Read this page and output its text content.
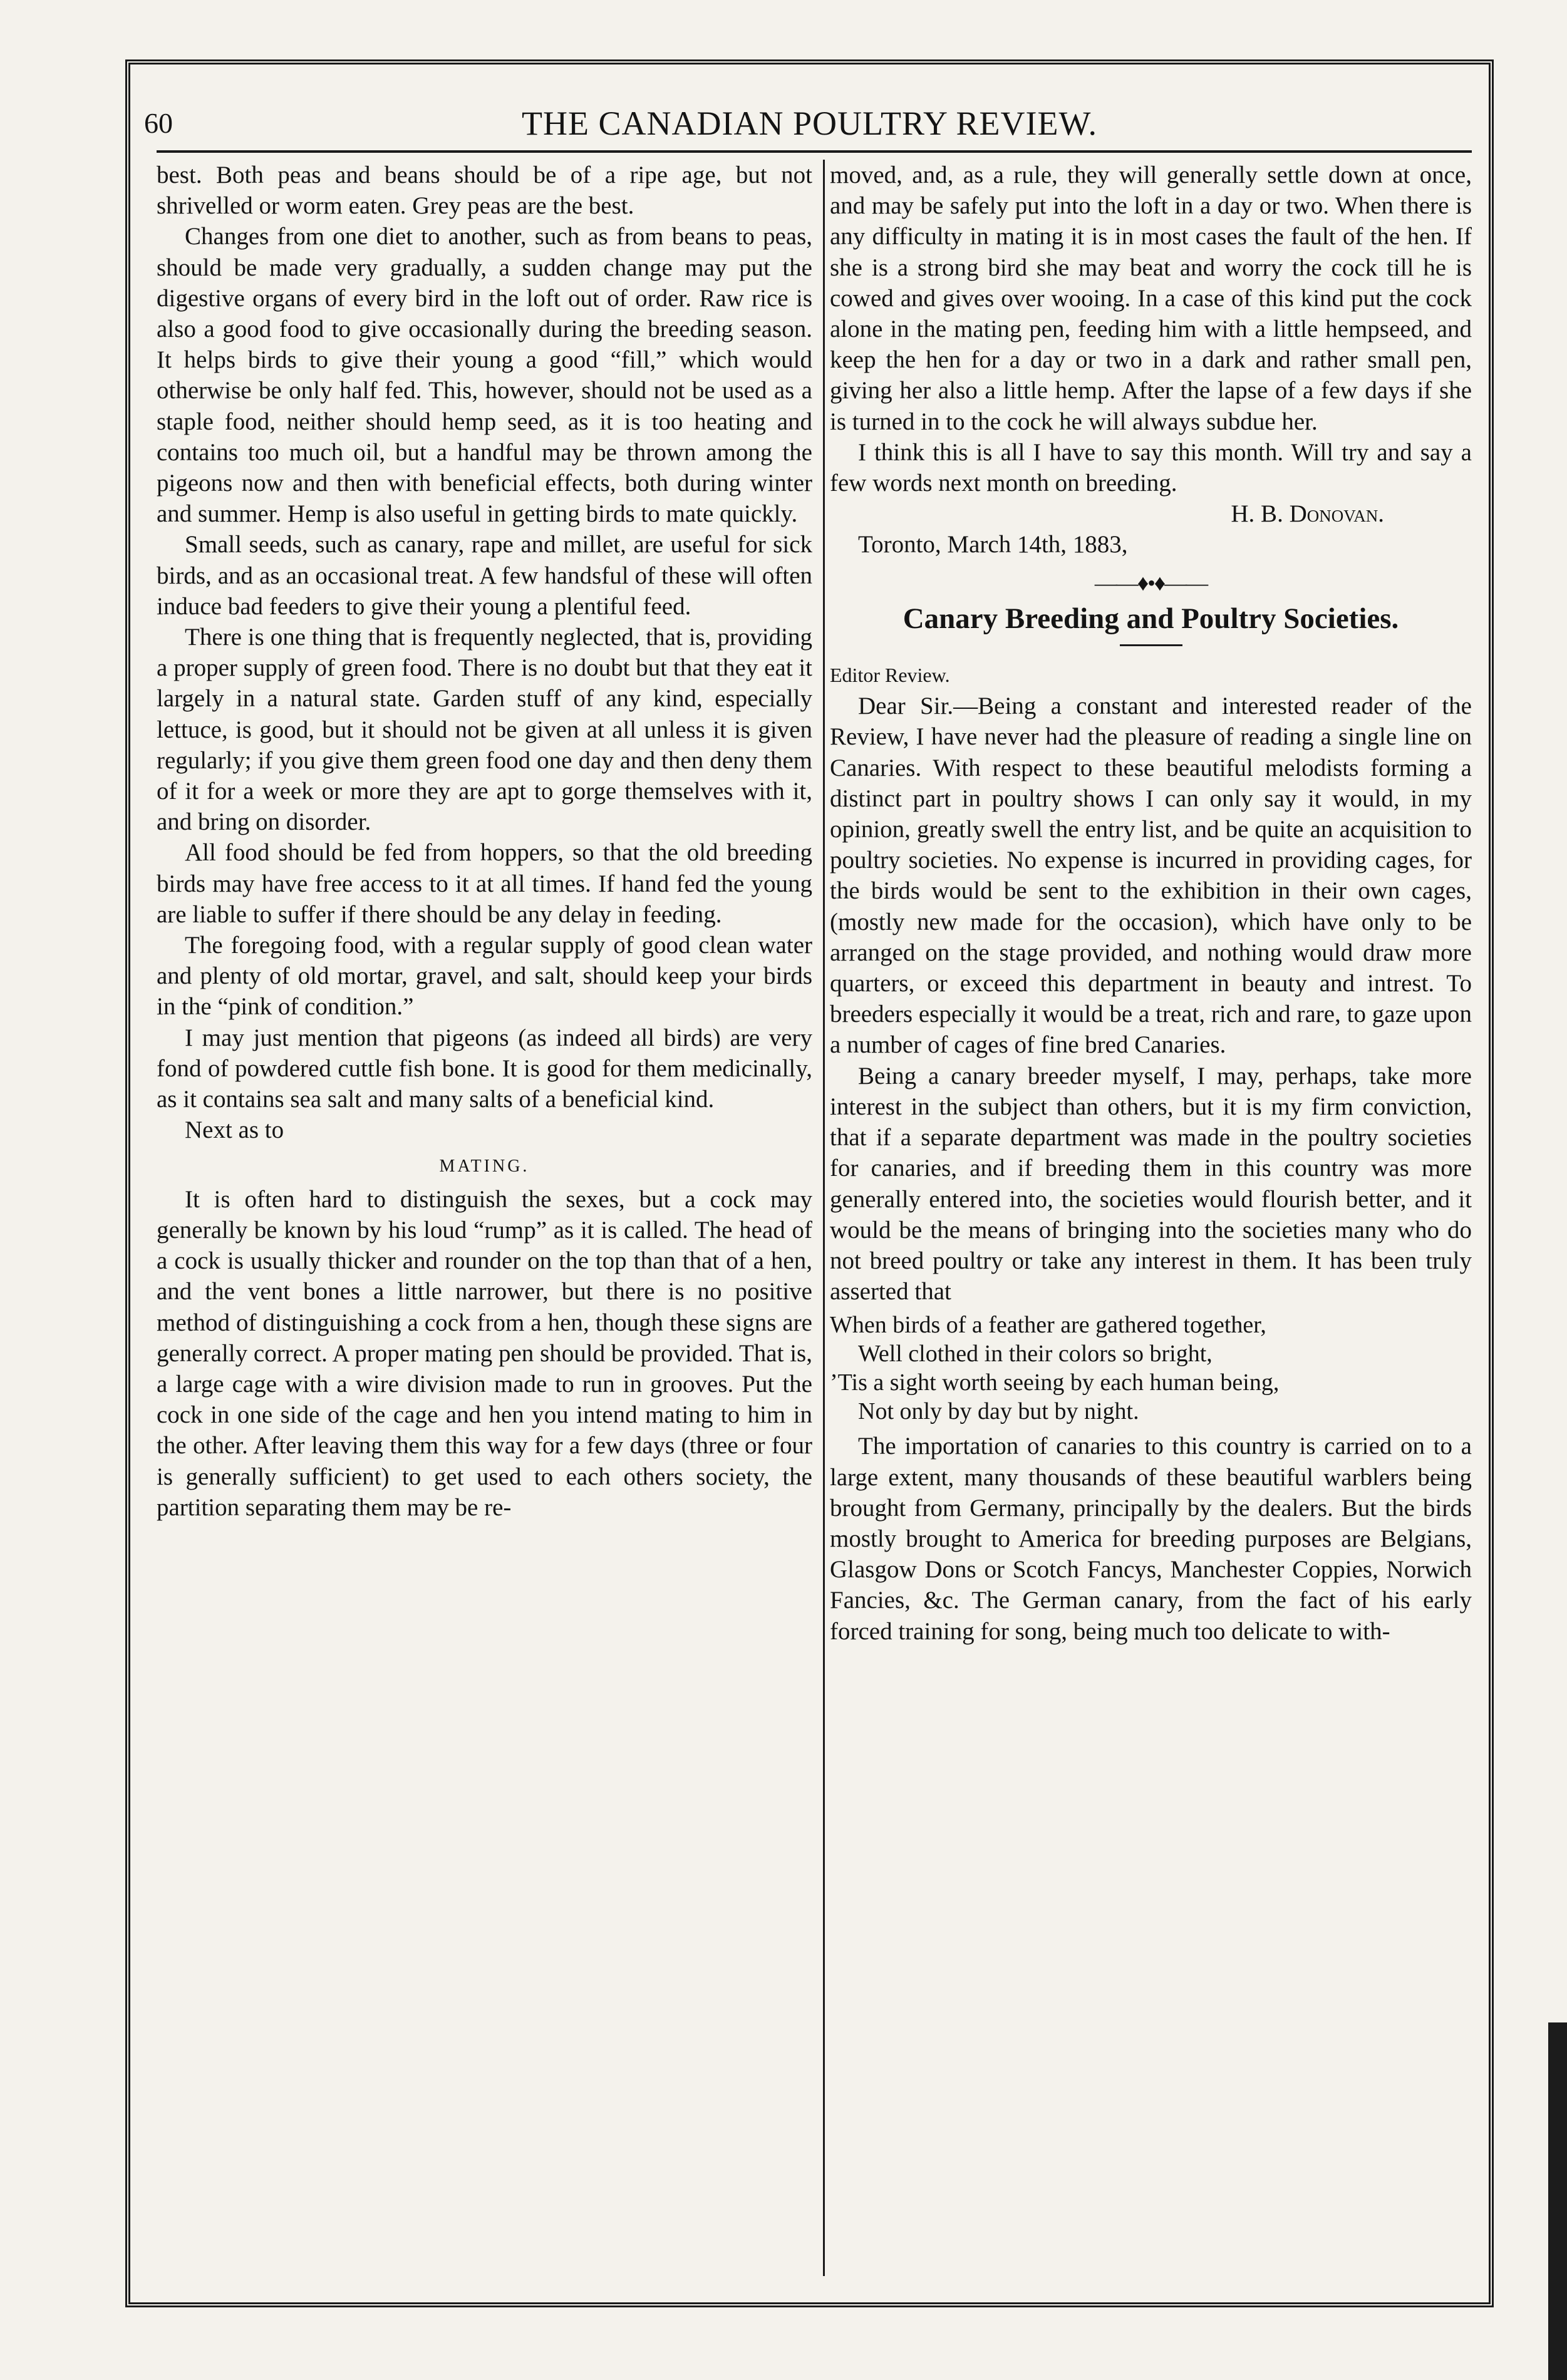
60	THE CANADIAN POULTRY REVIEW.

best. Both peas and beans should be of a ripe age, but not shrivelled or worm eaten. Grey peas are the best.

Changes from one diet to another, such as from beans to peas, should be made very gradually, a sudden change may put the digestive organs of every bird in the loft out of order. Raw rice is also a good food to give occasionally during the breeding season. It helps birds to give their young a good “fill,” which would otherwise be only half fed. This, however, should not be used as a staple food, neither should hemp seed, as it is too heating and contains too much oil, but a handful may be thrown among the pigeons now and then with beneficial effects, both during winter and summer. Hemp is also useful in getting birds to mate quickly.

Small seeds, such as canary, rape and millet, are useful for sick birds, and as an occasional treat. A few handsful of these will often induce bad feeders to give their young a plentiful feed.

There is one thing that is frequently neglected, that is, providing a proper supply of green food. There is no doubt but that they eat it largely in a natural state. Garden stuff of any kind, especially lettuce, is good, but it should not be given at all unless it is given regularly; if you give them green food one day and then deny them of it for a week or more they are apt to gorge themselves with it, and bring on disorder.

All food should be fed from hoppers, so that the old breeding birds may have free access to it at all times. If hand fed the young are liable to suffer if there should be any delay in feeding.

The foregoing food, with a regular supply of good clean water and plenty of old mortar, gravel, and salt, should keep your birds in the “pink of condition.”

I may just mention that pigeons (as indeed all birds) are very fond of powdered cuttle fish bone. It is good for them medicinally, as it contains sea salt and many salts of a beneficial kind.

Next as to

MATING.

It is often hard to distinguish the sexes, but a cock may generally be known by his loud “rump” as it is called. The head of a cock is usually thicker and rounder on the top than that of a hen, and the vent bones a little narrower, but there is no positive method of distinguishing a cock from a hen, though these signs are generally correct. A proper mating pen should be provided. That is, a large cage with a wire division made to run in grooves. Put the cock in one side of the cage and hen you intend mating to him in the other. After leaving them this way for a few days (three or four is generally sufficient) to get used to each others society, the partition separating them may be re-

moved, and, as a rule, they will generally settle down at once, and may be safely put into the loft in a day or two. When there is any difficulty in mating it is in most cases the fault of the hen. If she is a strong bird she may beat and worry the cock till he is cowed and gives over wooing. In a case of this kind put the cock alone in the mating pen, feeding him with a little hempseed, and keep the hen for a day or two in a dark and rather small pen, giving her also a little hemp. After the lapse of a few days if she is turned in to the cock he will always subdue her.

I think this is all I have to say this month. Will try and say a few words next month on breeding.

H. B. Donovan.

Toronto, March 14th, 1883,

——♦•♦——
Canary Breeding and Poultry Societies.

Editor Review.

Dear Sir.—Being a constant and interested reader of the Review, I have never had the pleasure of reading a single line on Canaries. With respect to these beautiful melodists forming a distinct part in poultry shows I can only say it would, in my opinion, greatly swell the entry list, and be quite an acquisition to poultry societies. No expense is incurred in providing cages, for the birds would be sent to the exhibition in their own cages, (mostly new made for the occasion), which have only to be arranged on the stage provided, and nothing would draw more quarters, or exceed this department in beauty and intrest. To breeders especially it would be a treat, rich and rare, to gaze upon a number of cages of fine bred Canaries.

Being a canary breeder myself, I may, perhaps, take more interest in the subject than others, but it is my firm conviction, that if a separate department was made in the poultry societies for canaries, and if breeding them in this country was more generally entered into, the societies would flourish better, and it would be the means of bringing into the societies many who do not breed poultry or take any interest in them. It has been truly asserted that

When birds of a feather are gathered together,
Well clothed in their colors so bright,
’Tis a sight worth seeing by each human being,
Not only by day but by night.

The importation of canaries to this country is carried on to a large extent, many thousands of these beautiful warblers being brought from Germany, principally by the dealers. But the birds mostly brought to America for breeding purposes are Belgians, Glasgow Dons or Scotch Fancys, Manchester Coppies, Norwich Fancies, &c. The German canary, from the fact of his early forced training for song, being much too delicate to with-
